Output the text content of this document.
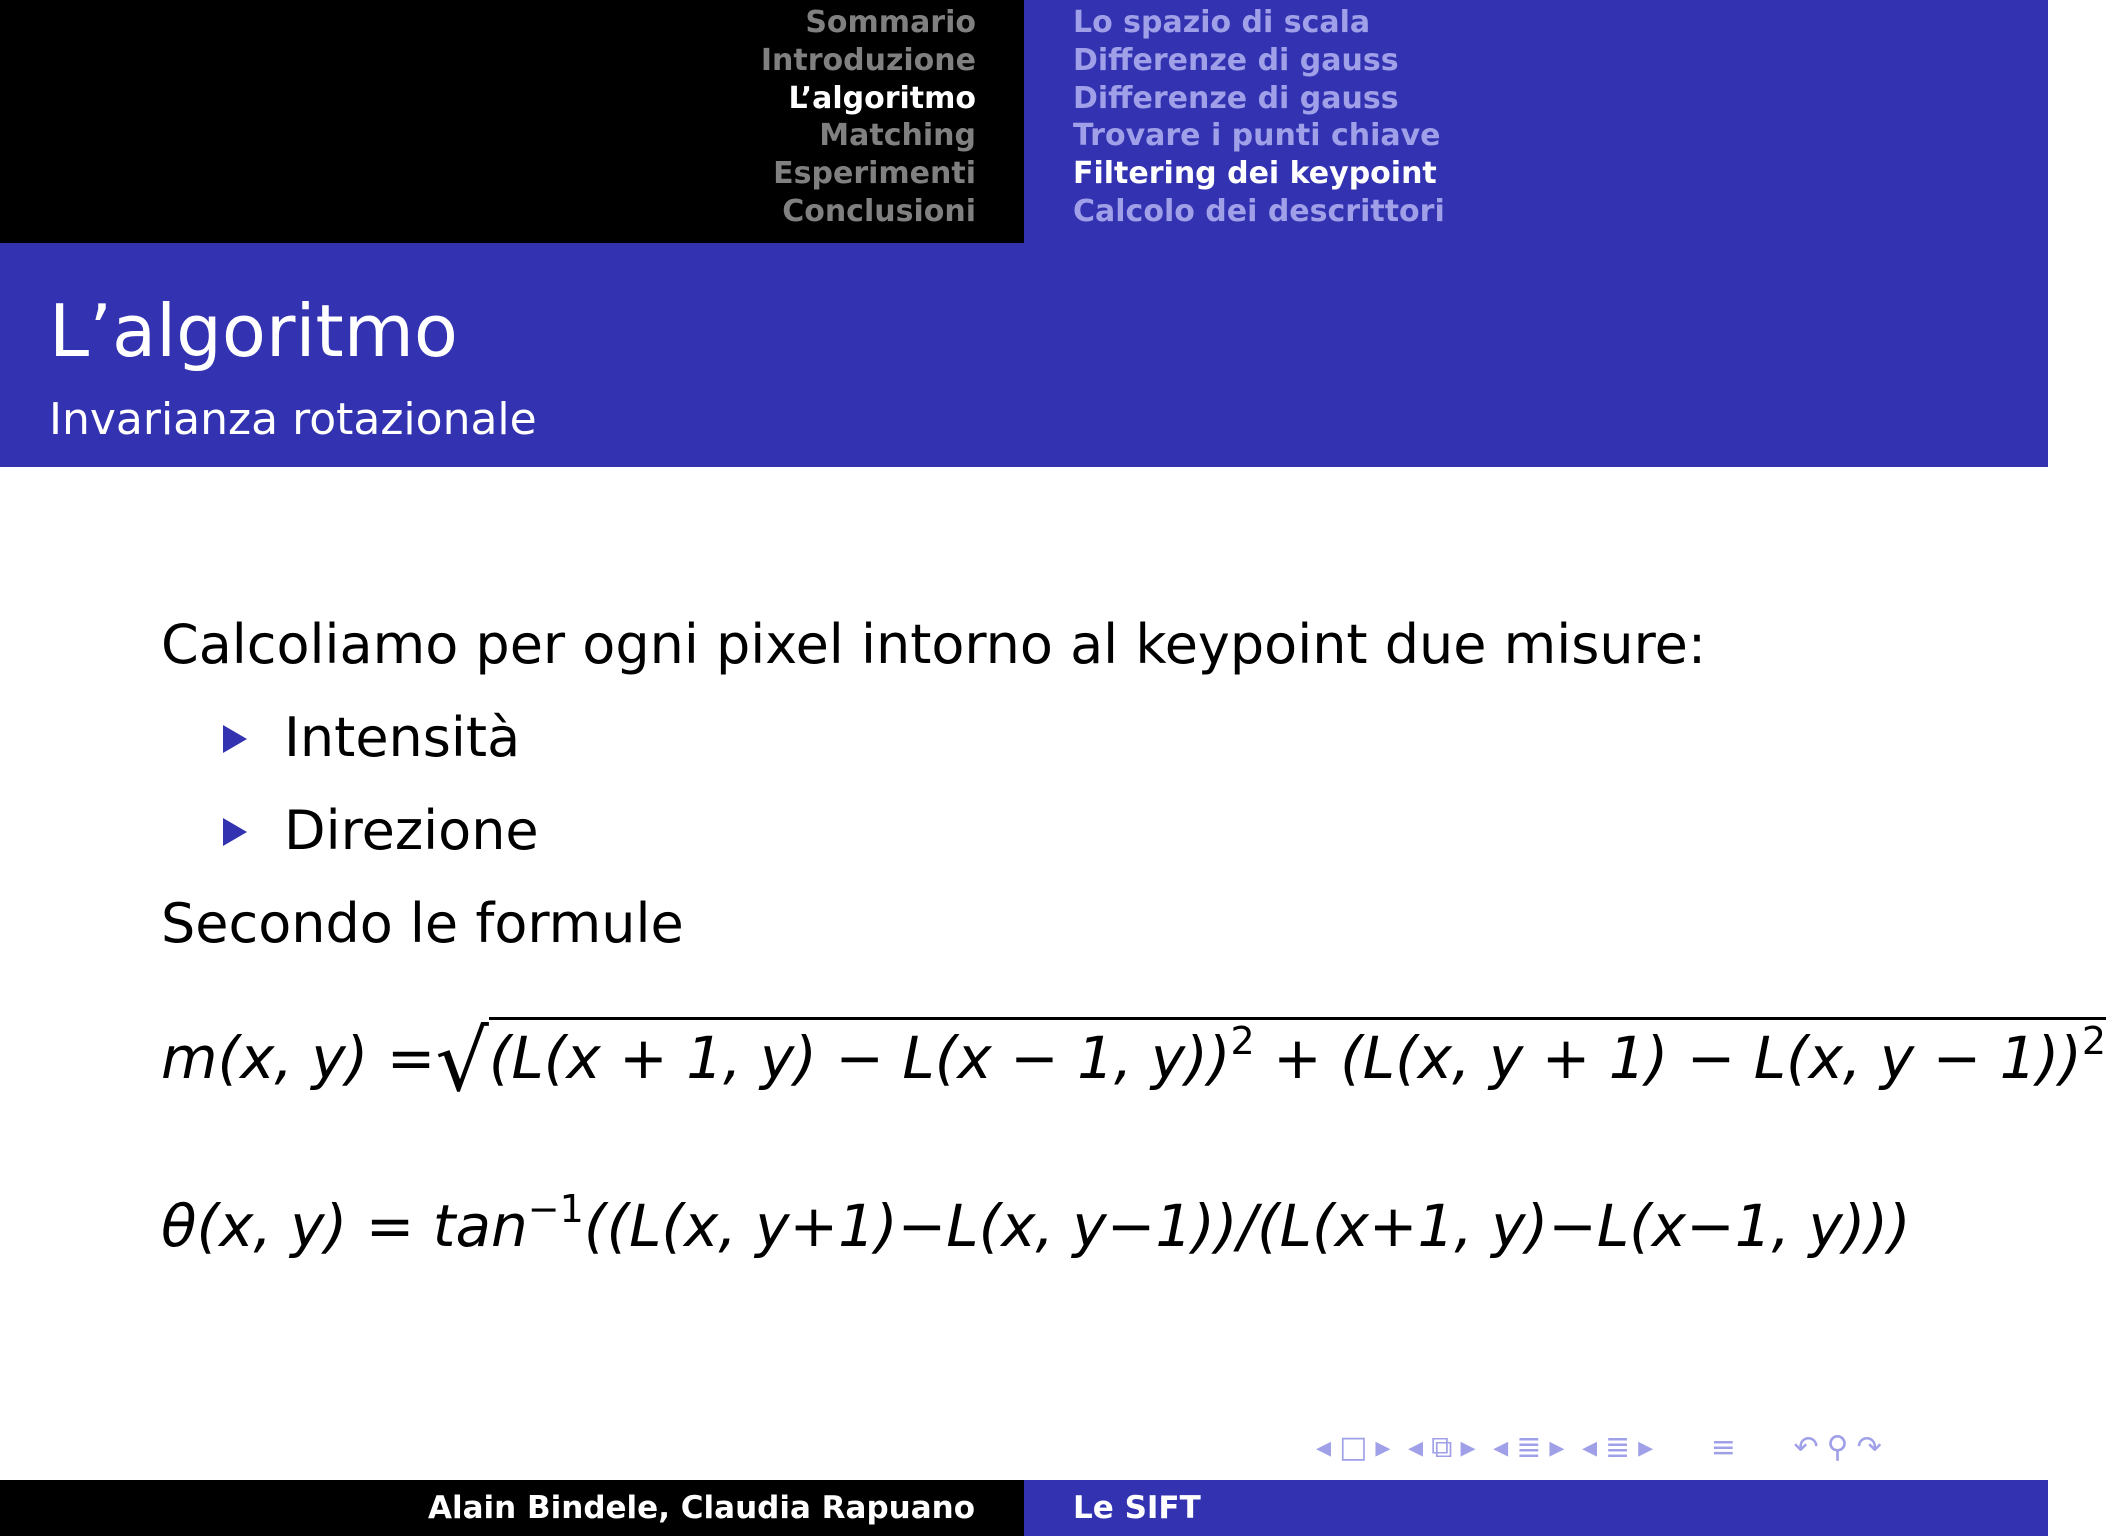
Sommario
Introduzione
L’algoritmo
Matching
Esperimenti
Conclusioni
Lo spazio di scala
Differenze di gauss
Differenze di gauss
Trovare i punti chiave
Filtering dei keypoint
Calcolo dei descrittori
L’algoritmo
Invarianza rotazionale
Calcoliamo per ogni pixel intorno al keypoint due misure:
Intensità
Direzione
Secondo le formule
m(x, y) =√(L(x + 1, y) − L(x − 1, y))$^2$ + (L(x, y + 1) − L(x, y − 1))$^2$
θ(x, $y) = \tan^{-1}((L(x$, y+1)−L(x, y−1))/(L(x+1, y)−L(x−1, y)))
◂ □ ▸ ◂ ⧉ ▸ ◂ ≣ ▸ ◂ ≣ ▸ ≡ ↶ ⚲ ↷
Alain Bindele, Claudia Rapuano	Le SIFT
